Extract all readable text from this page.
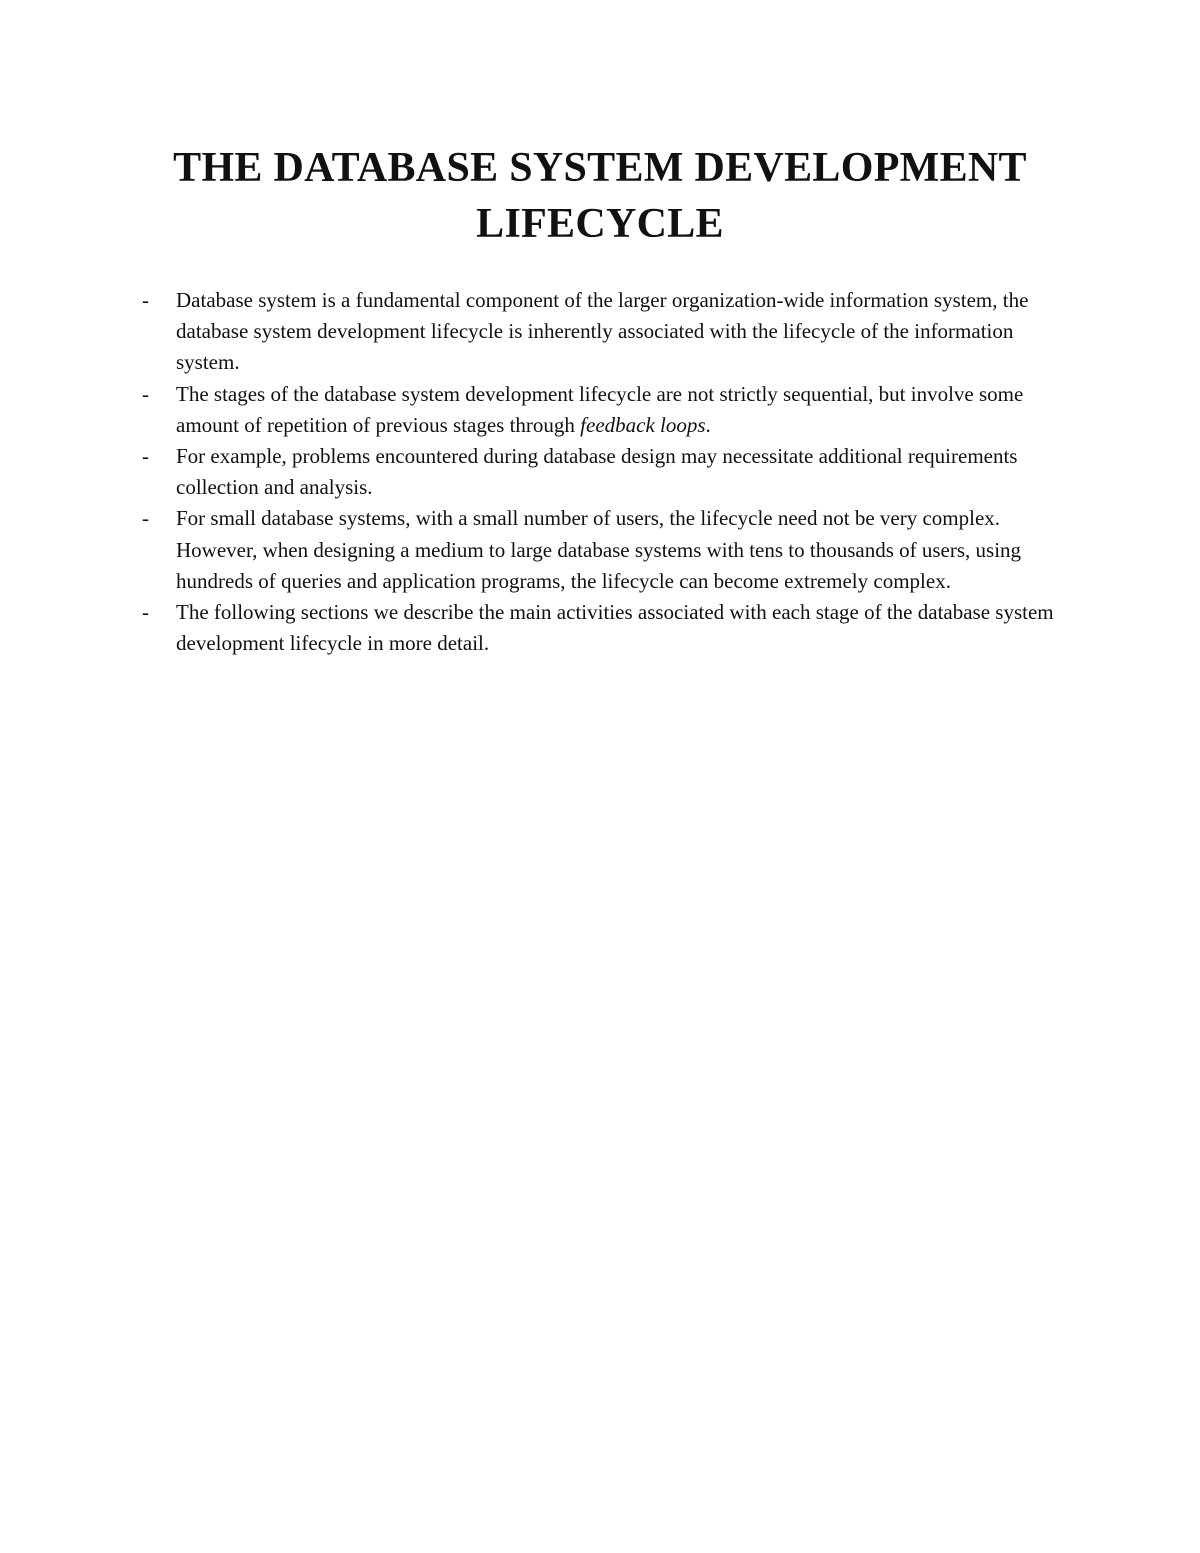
THE DATABASE SYSTEM DEVELOPMENT LIFECYCLE
-	Database system is a fundamental component of the larger organization-wide information system, the database system development lifecycle is inherently associated with the lifecycle of the information system.
-	The stages of the database system development lifecycle are not strictly sequential, but involve some amount of repetition of previous stages through feedback loops.
-	For example, problems encountered during database design may necessitate additional requirements collection and analysis.
-	For small database systems, with a small number of users, the lifecycle need not be very complex. However, when designing a medium to large database systems with tens to thousands of users, using hundreds of queries and application programs, the lifecycle can become extremely complex.
-	The following sections we describe the main activities associated with each stage of the database system development lifecycle in more detail.
